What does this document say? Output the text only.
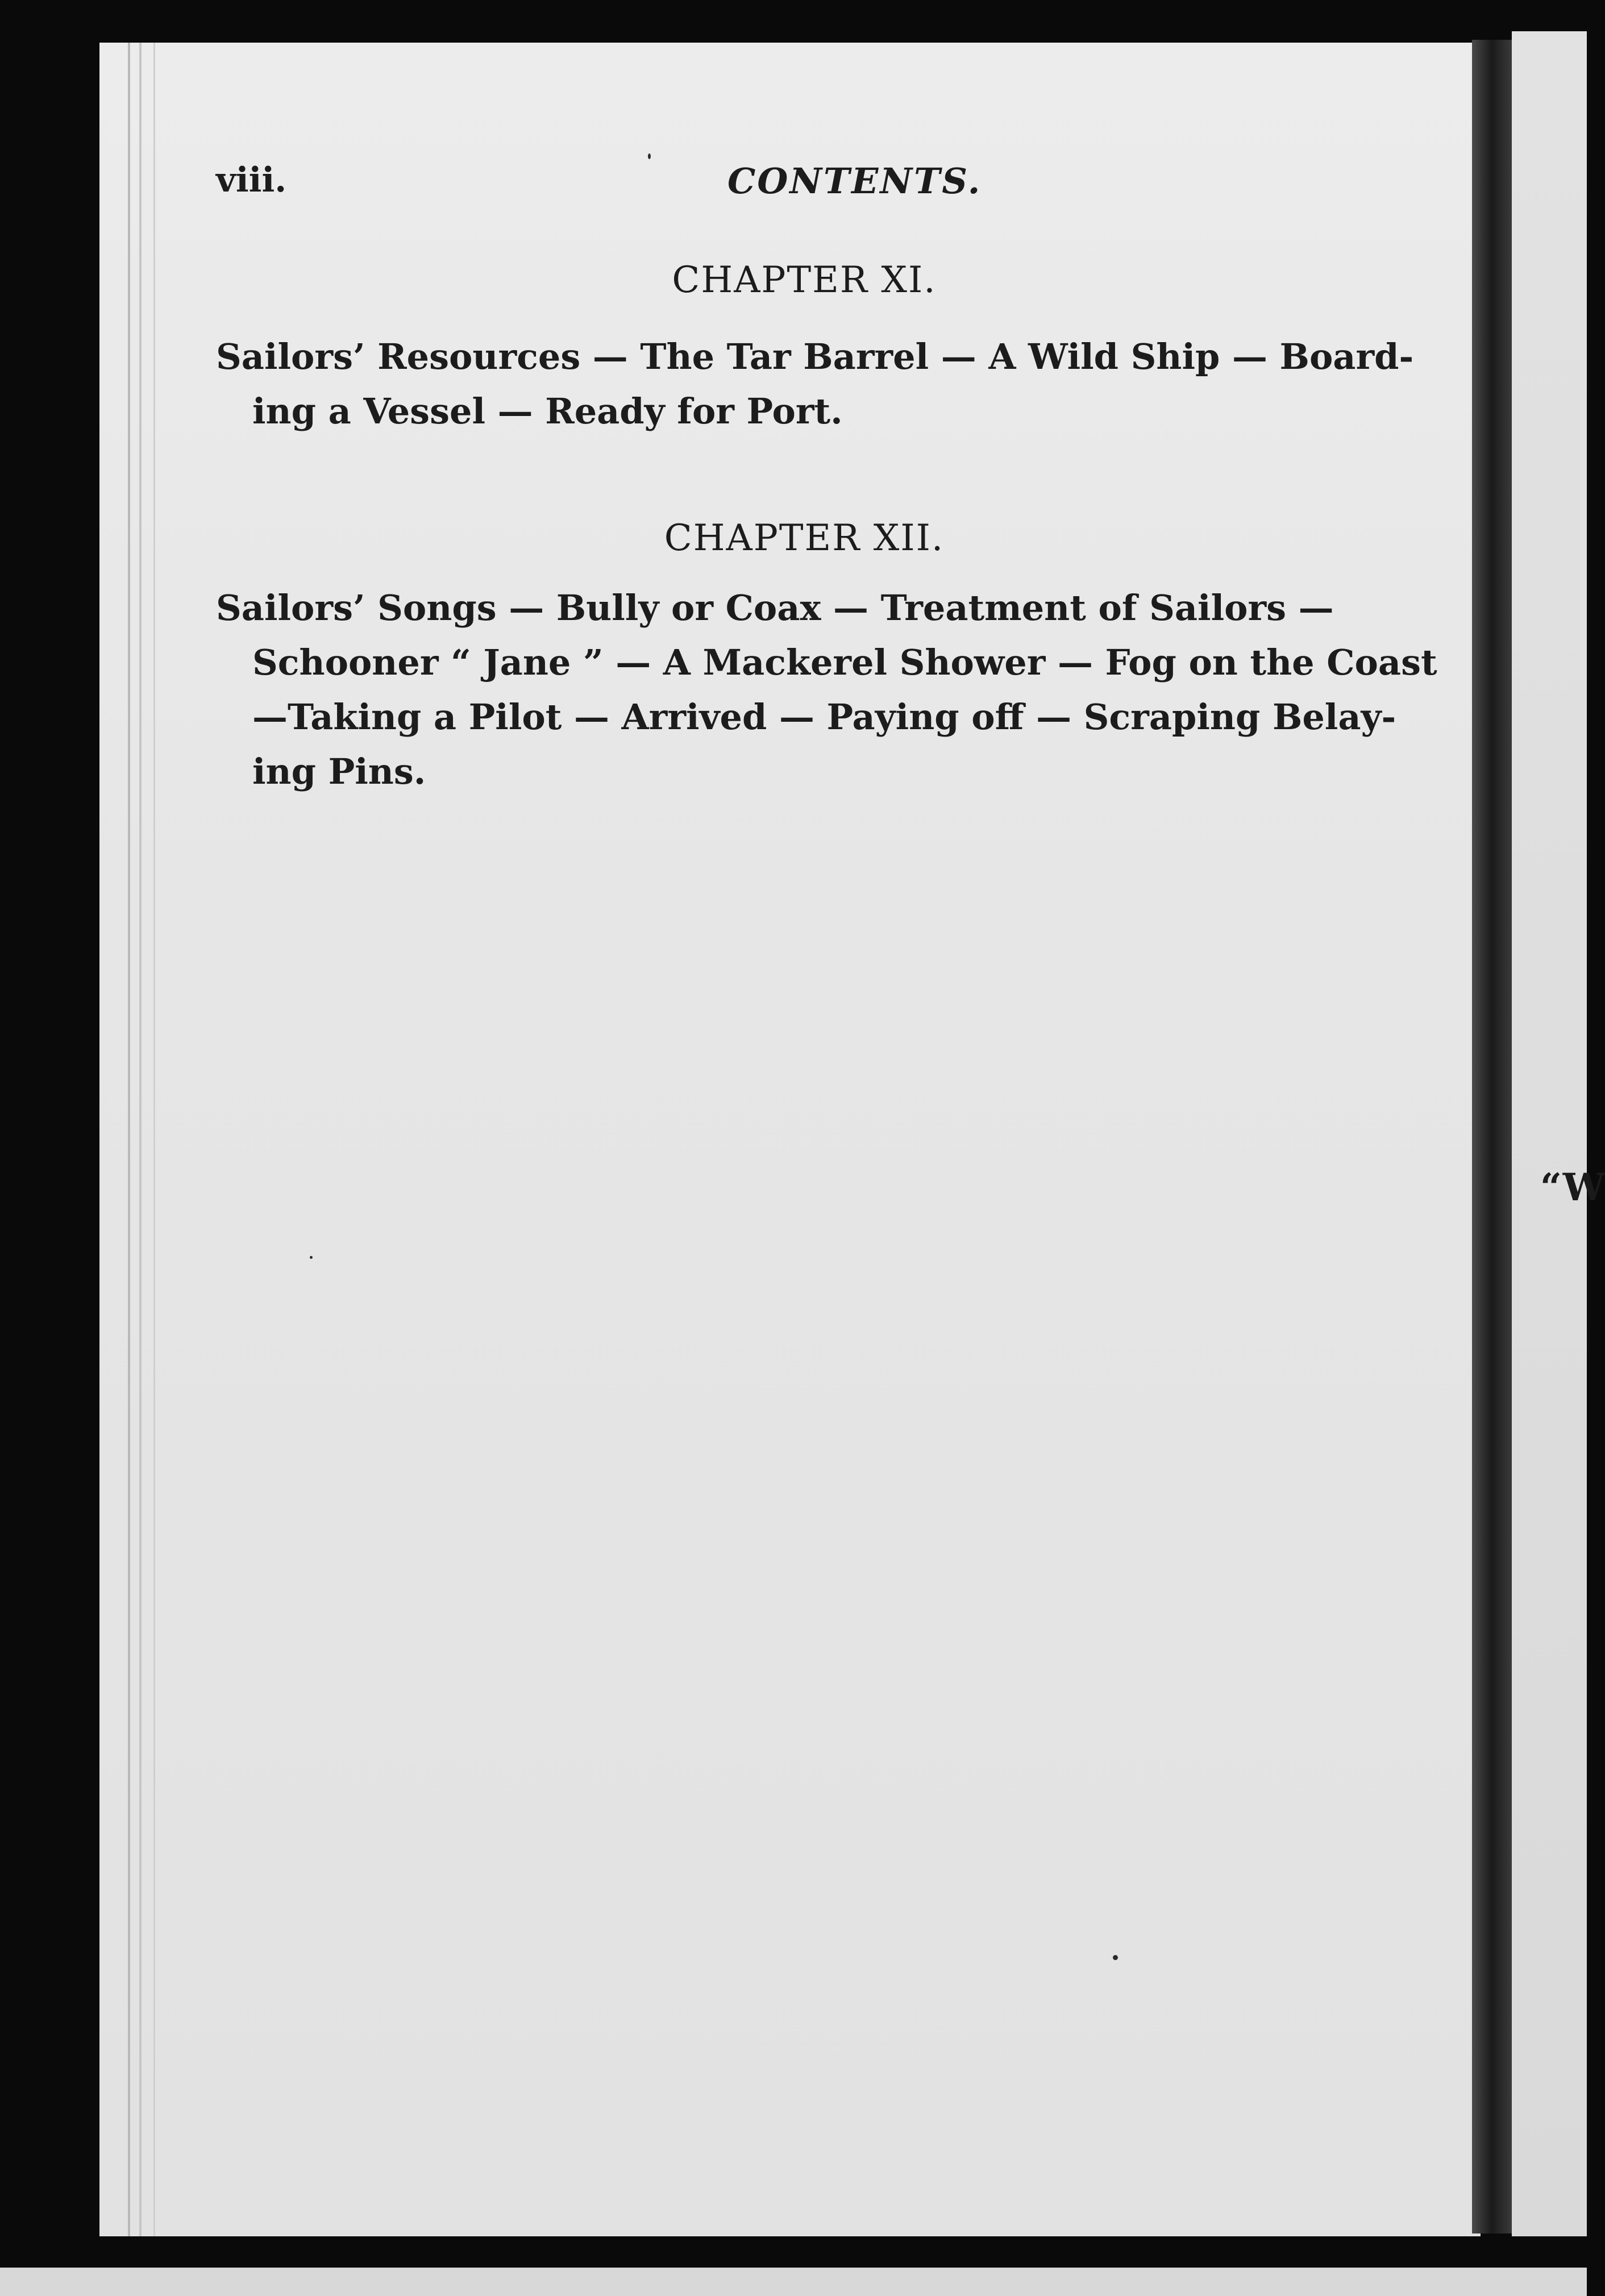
“W
viii.	CONTENTS.
CHAPTER XI.
Sailors’ Resources — The Tar Barrel — A Wild Ship — Board-
ing a Vessel — Ready for Port.
CHAPTER XII.
Sailors’ Songs — Bully or Coax — Treatment of Sailors —
Schooner “ Jane ” — A Mackerel Shower — Fog on the Coast
—Taking a Pilot — Arrived — Paying off — Scraping Belay-
ing Pins.
